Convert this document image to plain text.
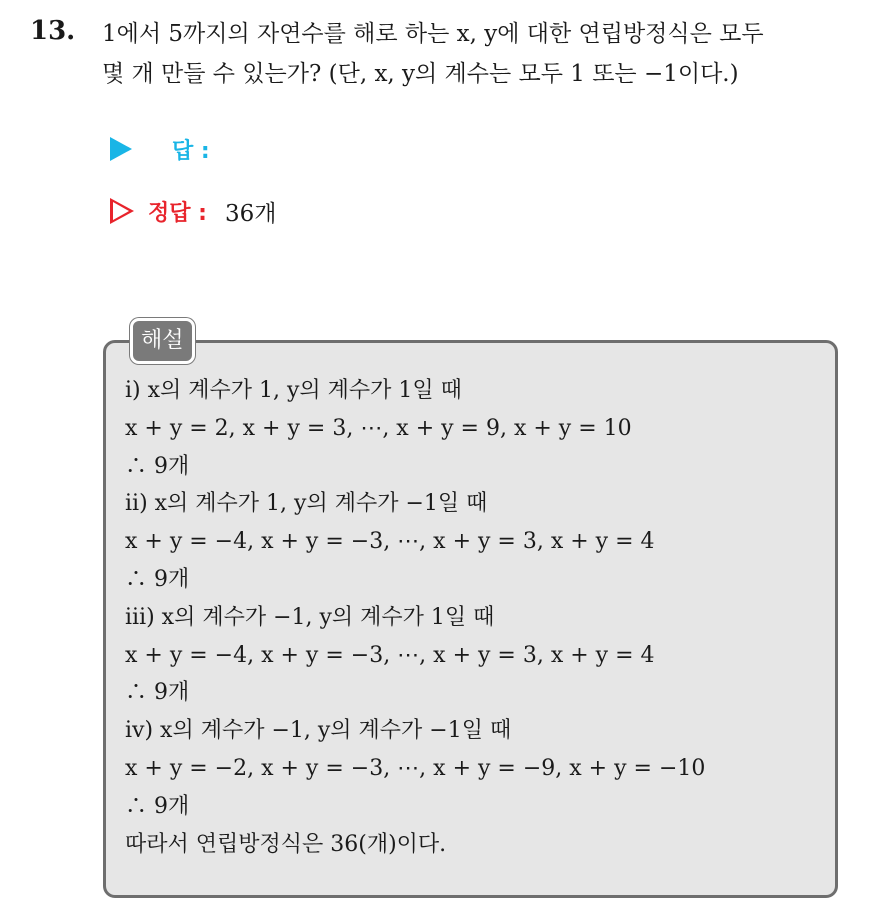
13. 1에서 5까지의 자연수를 해로 하는 x, y에 대한 연립방정식은 모두
몇 개 만들 수 있는가? (단, x, y의 계수는 모두 1 또는 −1이다.)
답 :
정답 : 36개
해설
ⅰ) x의 계수가 1, y의 계수가 1일 때
x + y = 2, x + y = 3, ⋯, x + y = 9, x + y = 10
∴ 9개
ⅱ) x의 계수가 1, y의 계수가 −1일 때
x + y = −4, x + y = −3, ⋯, x + y = 3, x + y = 4
∴ 9개
ⅲ) x의 계수가 −1, y의 계수가 1일 때
x + y = −4, x + y = −3, ⋯, x + y = 3, x + y = 4
∴ 9개
ⅳ) x의 계수가 −1, y의 계수가 −1일 때
x + y = −2, x + y = −3, ⋯, x + y = −9, x + y = −10
∴ 9개
따라서 연립방정식은 36(개)이다.
